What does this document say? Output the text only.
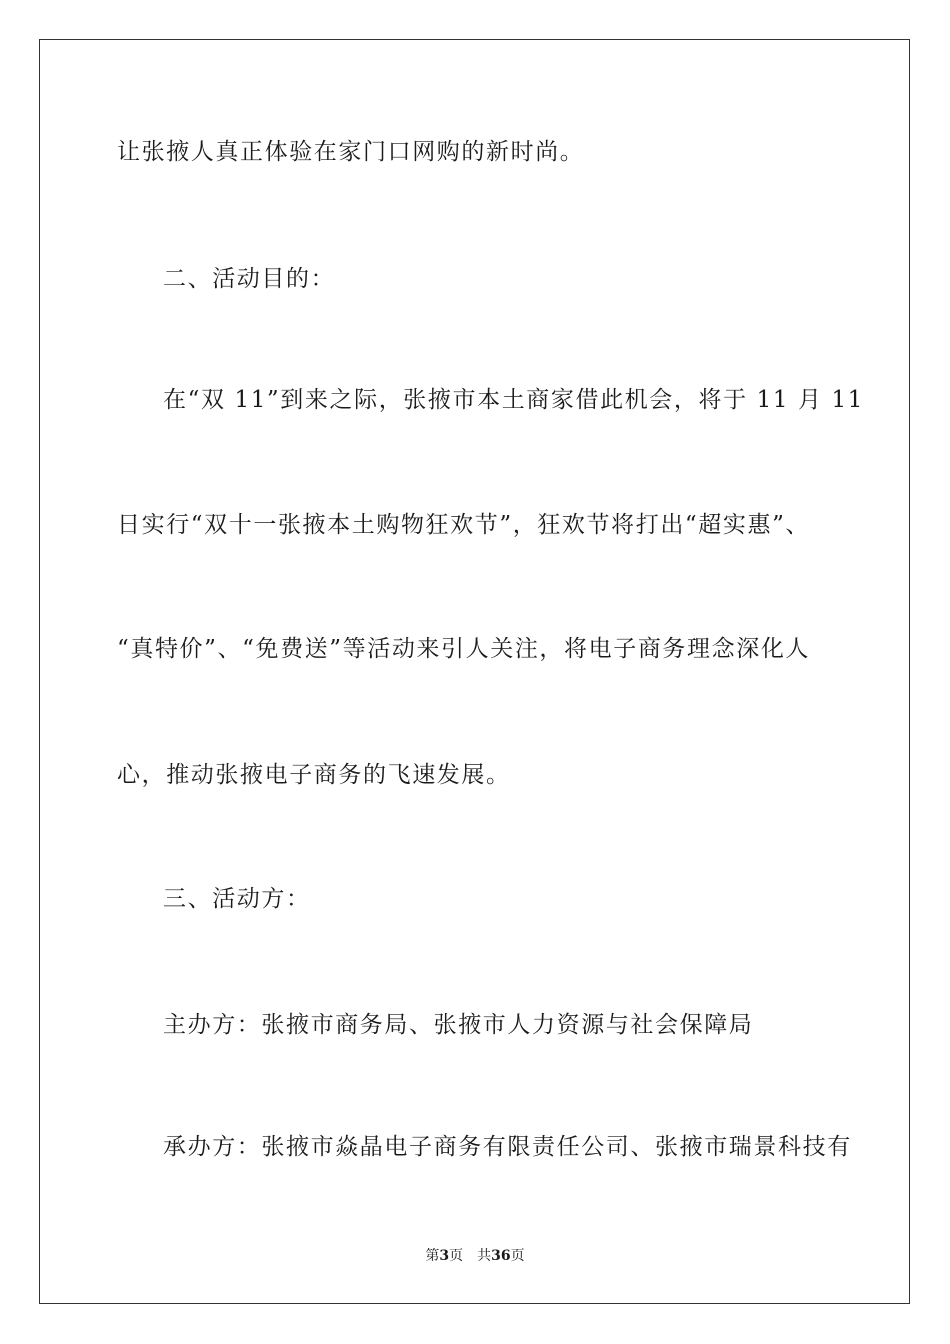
让张掖人真正体验在家门口网购的新时尚。
二、活动目的：
在“双 11”到来之际，张掖市本土商家借此机会，将于 11 月 11
日实行“双十一张掖本土购物狂欢节”，狂欢节将打出“超实惠”、
“真特价”、“免费送”等活动来引人关注，将电子商务理念深化人
心，推动张掖电子商务的飞速发展。
三、活动方：
主办方：张掖市商务局、张掖市人力资源与社会保障局
承办方：张掖市焱晶电子商务有限责任公司、张掖市瑞景科技有
第3页 共36页
